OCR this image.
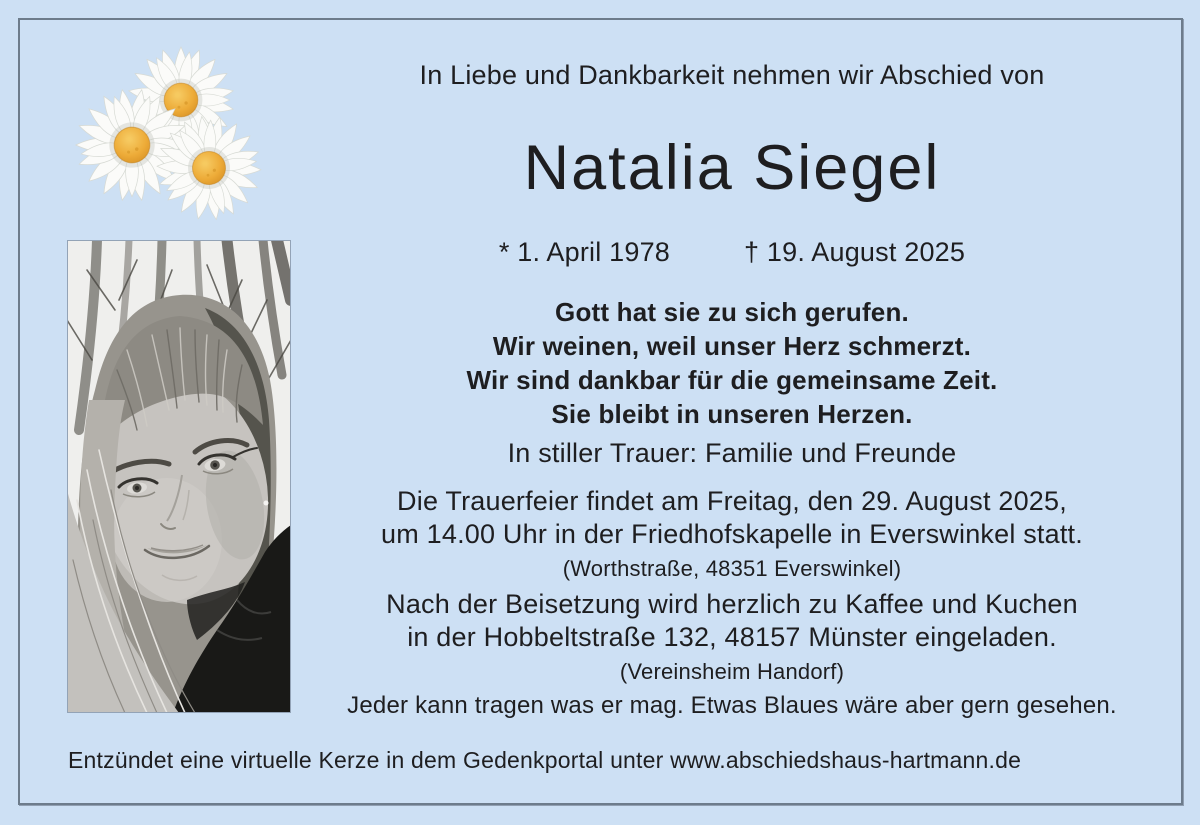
In Liebe und Dankbarkeit nehmen wir Abschied von
Natalia Siegel
* 1. April 1978	† 19. August 2025
Gott hat sie zu sich gerufen.
Wir weinen, weil unser Herz schmerzt.
Wir sind dankbar für die gemeinsame Zeit.
Sie bleibt in unseren Herzen.
In stiller Trauer: Familie und Freunde
Die Trauerfeier findet am Freitag, den 29. August 2025,
um 14.00 Uhr in der Friedhofskapelle in Everswinkel statt.
(Worthstraße, 48351 Everswinkel)
Nach der Beisetzung wird herzlich zu Kaffee und Kuchen
in der Hobbeltstraße 132, 48157 Münster eingeladen.
(Vereinsheim Handorf)
Jeder kann tragen was er mag. Etwas Blaues wäre aber gern gesehen.
Entzündet eine virtuelle Kerze in dem Gedenkportal unter www.abschiedshaus-hartmann.de
